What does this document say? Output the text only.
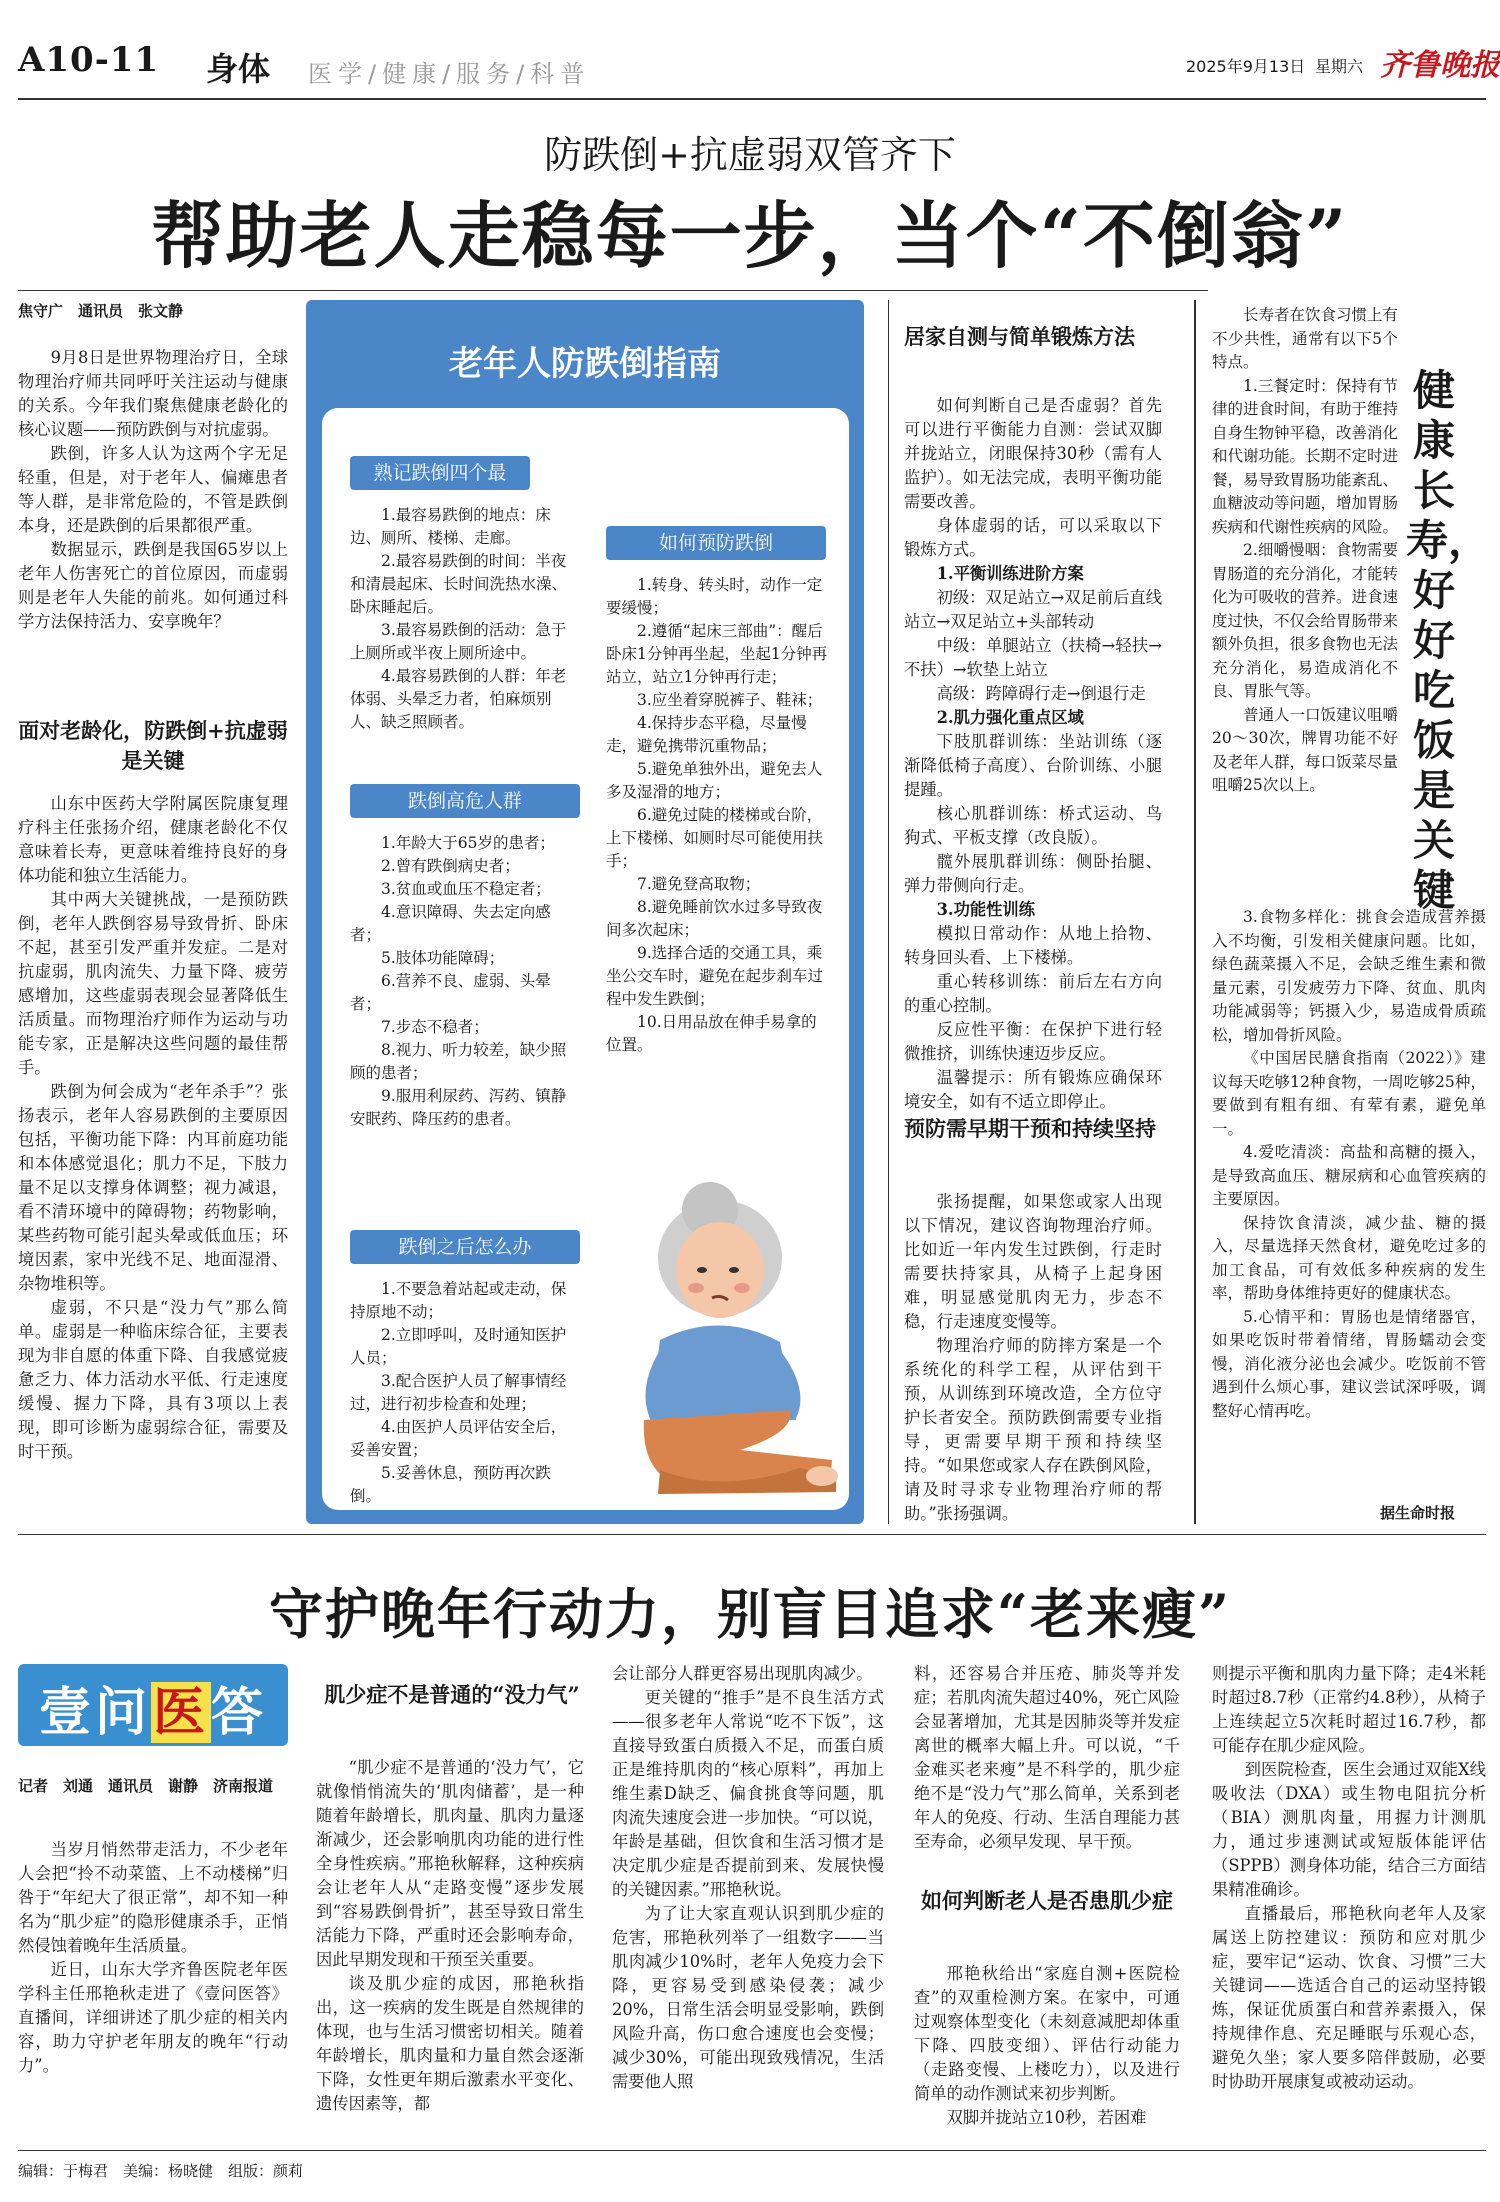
A10-11 身体 医学/健康/服务/科普	2025年9月13日 星期六 齐鲁晚报
防跌倒+抗虚弱双管齐下
帮助老人走稳每一步，当个“不倒翁”
焦守广　通讯员　张文静

9月8日是世界物理治疗日，全球物理治疗师共同呼吁关注运动与健康的关系。今年我们聚焦健康老龄化的核心议题——预防跌倒与对抗虚弱。

跌倒，许多人认为这两个字无足轻重，但是，对于老年人、偏瘫患者等人群，是非常危险的，不管是跌倒本身，还是跌倒的后果都很严重。

数据显示，跌倒是我国65岁以上老年人伤害死亡的首位原因，而虚弱则是老年人失能的前兆。如何通过科学方法保持活力、安享晚年？

面对老龄化，防跌倒+抗虚弱是关键

山东中医药大学附属医院康复理疗科主任张扬介绍，健康老龄化不仅意味着长寿，更意味着维持良好的身体功能和独立生活能力。

其中两大关键挑战，一是预防跌倒，老年人跌倒容易导致骨折、卧床不起，甚至引发严重并发症。二是对抗虚弱，肌肉流失、力量下降、疲劳感增加，这些虚弱表现会显著降低生活质量。而物理治疗师作为运动与功能专家，正是解决这些问题的最佳帮手。

跌倒为何会成为“老年杀手”？张扬表示，老年人容易跌倒的主要原因包括，平衡功能下降：内耳前庭功能和本体感觉退化；肌力不足，下肢力量不足以支撑身体调整；视力减退，看不清环境中的障碍物；药物影响，某些药物可能引起头晕或低血压；环境因素，家中光线不足、地面湿滑、杂物堆积等。

虚弱，不只是“没力气”那么简单。虚弱是一种临床综合征，主要表现为非自愿的体重下降、自我感觉疲惫乏力、体力活动水平低、行走速度缓慢、握力下降，具有3项以上表现，即可诊断为虚弱综合征，需要及时干预。

老年人防跌倒指南
熟记跌倒四个最

1.最容易跌倒的地点：床边、厕所、楼梯、走廊。

2.最容易跌倒的时间：半夜和清晨起床、长时间洗热水澡、卧床睡起后。

3.最容易跌倒的活动：急于上厕所或半夜上厕所途中。

4.最容易跌倒的人群：年老体弱、头晕乏力者，怕麻烦别人、缺乏照顾者。

跌倒高危人群

1.年龄大于65岁的患者；

2.曾有跌倒病史者；

3.贫血或血压不稳定者；

4.意识障碍、失去定向感者；

5.肢体功能障碍；

6.营养不良、虚弱、头晕者；

7.步态不稳者；

8.视力、听力较差，缺少照顾的患者；

9.服用利尿药、泻药、镇静安眠药、降压药的患者。

跌倒之后怎么办

1.不要急着站起或走动，保持原地不动；

2.立即呼叫，及时通知医护人员；

3.配合医护人员了解事情经过，进行初步检查和处理；

4.由医护人员评估安全后，妥善安置；

5.妥善休息，预防再次跌倒。

如何预防跌倒

1.转身、转头时，动作一定要缓慢；

2.遵循“起床三部曲”：醒后卧床1分钟再坐起，坐起1分钟再站立，站立1分钟再行走；

3.应坐着穿脱裤子、鞋袜；

4.保持步态平稳，尽量慢走，避免携带沉重物品；

5.避免单独外出，避免去人多及湿滑的地方；

6.避免过陡的楼梯或台阶，上下楼梯、如厕时尽可能使用扶手；

7.避免登高取物；

8.避免睡前饮水过多导致夜间多次起床；

9.选择合适的交通工具，乘坐公交车时，避免在起步刹车过程中发生跌倒；

10.日用品放在伸手易拿的位置。

居家自测与简单锻炼方法

如何判断自己是否虚弱？首先可以进行平衡能力自测：尝试双脚并拢站立，闭眼保持30秒（需有人监护）。如无法完成，表明平衡功能需要改善。

身体虚弱的话，可以采取以下锻炼方式。

1.平衡训练进阶方案

初级：双足站立→双足前后直线站立→双足站立+头部转动

中级：单腿站立（扶椅→轻扶→不扶）→软垫上站立

高级：跨障碍行走→倒退行走

2.肌力强化重点区域

下肢肌群训练：坐站训练（逐渐降低椅子高度）、台阶训练、小腿提踵。

核心肌群训练：桥式运动、鸟狗式、平板支撑（改良版）。

髋外展肌群训练：侧卧抬腿、弹力带侧向行走。

3.功能性训练

模拟日常动作：从地上拾物、转身回头看、上下楼梯。

重心转移训练：前后左右方向的重心控制。

反应性平衡：在保护下进行轻微推挤，训练快速迈步反应。

温馨提示：所有锻炼应确保环境安全，如有不适立即停止。

预防需早期干预和持续坚持

张扬提醒，如果您或家人出现以下情况，建议咨询物理治疗师。比如近一年内发生过跌倒，行走时需要扶持家具，从椅子上起身困难，明显感觉肌肉无力，步态不稳，行走速度变慢等。

物理治疗师的防摔方案是一个系统化的科学工程，从评估到干预，从训练到环境改造，全方位守护长者安全。预防跌倒需要专业指导，更需要早期干预和持续坚持。“如果您或家人存在跌倒风险，请及时寻求专业物理治疗师的帮助。”张扬强调。

长寿者在饮食习惯上有不少共性，通常有以下5个特点。

1.三餐定时：保持有节律的进食时间，有助于维持自身生物钟平稳，改善消化和代谢功能。长期不定时进餐，易导致胃肠功能紊乱、血糖波动等问题，增加胃肠疾病和代谢性疾病的风险。

2.细嚼慢咽：食物需要胃肠道的充分消化，才能转化为可吸收的营养。进食速度过快，不仅会给胃肠带来额外负担，很多食物也无法充分消化，易造成消化不良、胃胀气等。

普通人一口饭建议咀嚼20～30次，牌胃功能不好及老年人群，每口饭菜尽量咀嚼25次以上。

健康长寿，好好吃饭是关键

3.食物多样化：挑食会造成营养摄入不均衡，引发相关健康问题。比如，绿色蔬菜摄入不足，会缺乏维生素和微量元素，引发疲劳力下降、贫血、肌肉功能减弱等；钙摄入少，易造成骨质疏松，增加骨折风险。

《中国居民膳食指南（2022）》建议每天吃够12种食物，一周吃够25种，要做到有粗有细、有荤有素，避免单一。

4.爱吃清淡：高盐和高糖的摄入，是导致高血压、糖尿病和心血管疾病的主要原因。

保持饮食清淡，减少盐、糖的摄入，尽量选择天然食材，避免吃过多的加工食品，可有效低多种疾病的发生率，帮助身体维持更好的健康状态。

5.心情平和：胃肠也是情绪器官，如果吃饭时带着情绪，胃肠蠕动会变慢，消化液分泌也会减少。吃饭前不管遇到什么烦心事，建议尝试深呼吸，调整好心情再吃。

据生命时报
守护晚年行动力，别盲目追求“老来瘦”
壹问医答
记者　刘通　通讯员　谢静　济南报道

当岁月悄然带走活力，不少老年人会把“拎不动菜篮、上不动楼梯”归咎于“年纪大了很正常”，却不知一种名为“肌少症”的隐形健康杀手，正悄然侵蚀着晚年生活质量。

近日，山东大学齐鲁医院老年医学科主任邢艳秋走进了《壹问医答》直播间，详细讲述了肌少症的相关内容，助力守护老年朋友的晚年“行动力”。

肌少症不是普通的“没力气”

“肌少症不是普通的‘没力气’，它就像悄悄流失的‘肌肉储蓄’，是一种随着年龄增长，肌肉量、肌肉力量逐渐减少，还会影响肌肉功能的进行性全身性疾病。”邢艳秋解释，这种疾病会让老年人从“走路变慢”逐步发展到“容易跌倒骨折”，甚至导致日常生活能力下降，严重时还会影响寿命，因此早期发现和干预至关重要。

谈及肌少症的成因，邢艳秋指出，这一疾病的发生既是自然规律的体现，也与生活习惯密切相关。随着年龄增长，肌肉量和力量自然会逐渐下降，女性更年期后激素水平变化、遗传因素等，都

会让部分人群更容易出现肌肉减少。

更关键的“推手”是不良生活方式——很多老年人常说“吃不下饭”，这直接导致蛋白质摄入不足，而蛋白质正是维持肌肉的“核心原料”，再加上维生素D缺乏、偏食挑食等问题，肌肉流失速度会进一步加快。“可以说，年龄是基础，但饮食和生活习惯才是决定肌少症是否提前到来、发展快慢的关键因素。”邢艳秋说。

为了让大家直观认识到肌少症的危害，邢艳秋列举了一组数字——当肌肉减少10%时，老年人免疫力会下降，更容易受到感染侵袭；减少20%，日常生活会明显受影响，跌倒风险升高，伤口愈合速度也会变慢；减少30%，可能出现致残情况，生活需要他人照

料，还容易合并压疮、肺炎等并发症；若肌肉流失超过40%，死亡风险会显著增加，尤其是因肺炎等并发症离世的概率大幅上升。可以说，“千金难买老来瘦”是不科学的，肌少症绝不是“没力气”那么简单，关系到老年人的免疫、行动、生活自理能力甚至寿命，必须早发现、早干预。

如何判断老人是否患肌少症

邢艳秋给出“家庭自测+医院检查”的双重检测方案。在家中，可通过观察体型变化（未刻意减肥却体重下降、四肢变细）、评估行动能力（走路变慢、上楼吃力），以及进行简单的动作测试来初步判断。

双脚并拢站立10秒，若困难

则提示平衡和肌肉力量下降；走4米耗时超过8.7秒（正常约4.8秒），从椅子上连续起立5次耗时超过16.7秒，都可能存在肌少症风险。

到医院检查，医生会通过双能X线吸收法（DXA）或生物电阻抗分析（BIA）测肌肉量，用握力计测肌力，通过步速测试或短版体能评估（SPPB）测身体功能，结合三方面结果精准确诊。

直播最后，邢艳秋向老年人及家属送上防控建议：预防和应对肌少症，要牢记“运动、饮食、习惯”三大关键词——选适合自己的运动坚持锻炼，保证优质蛋白和营养素摄入，保持规律作息、充足睡眠与乐观心态，避免久坐；家人要多陪伴鼓励，必要时协助开展康复或被动运动。

编辑：于梅君　美编：杨晓健　组版：颜莉
